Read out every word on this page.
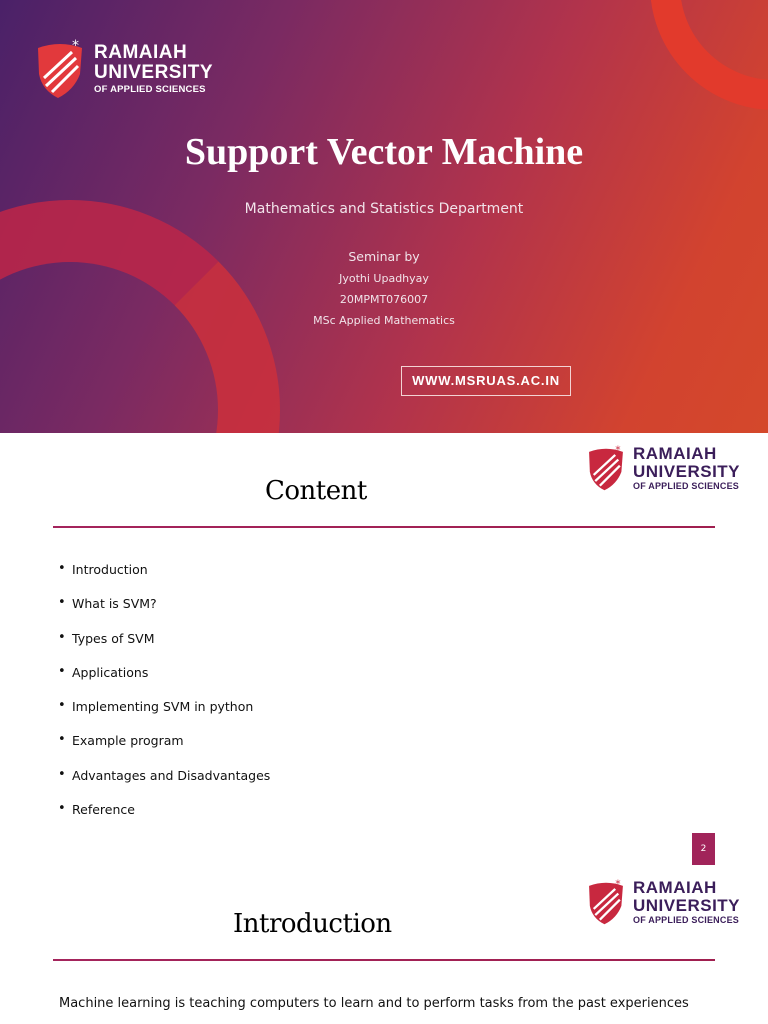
* RAMAIAH
UNIVERSITY
OF APPLIED SCIENCES
Support Vector Machine
Mathematics and Statistics Department
Seminar by
Jyothi Upadhyay
20MPMT076007
MSc Applied Mathematics
WWW.MSRUAS.AC.IN
* RAMAIAH
UNIVERSITY
OF APPLIED SCIENCES
Content
• Introduction
• What is SVM?
• Types of SVM
• Applications
• Implementing SVM in python
• Example program
• Advantages and Disadvantages
• Reference
2
* RAMAIAH
UNIVERSITY
OF APPLIED SCIENCES
Introduction
Machine learning is teaching computers to learn and to perform tasks from the past experiences
